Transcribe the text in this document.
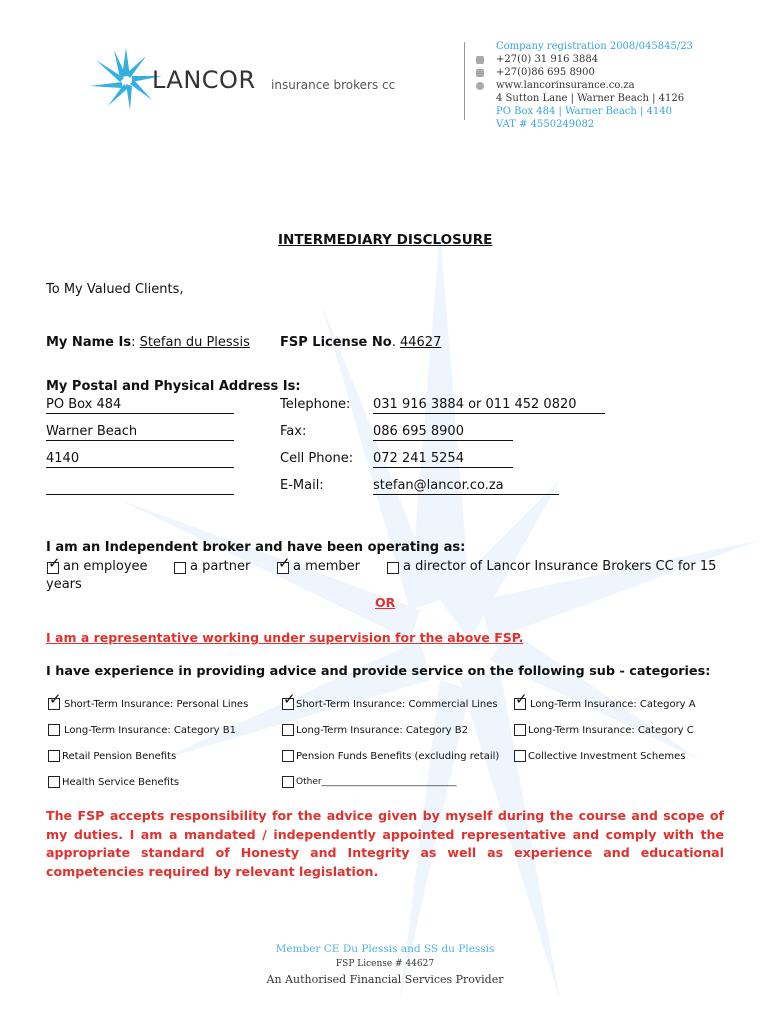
LANCOR insurance brokers cc
Company registration 2008/045845/23
+27(0) 31 916 3884
+27(0)86 695 8900
www.lancorinsurance.co.za
4 Sutton Lane | Warner Beach | 4126
PO Box 484 | Warner Beach | 4140
VAT # 4550249082
INTERMEDIARY DISCLOSURE
To My Valued Clients,
My Name Is: Stefan du Plessis FSP License No. 44627
My Postal and Physical Address Is:
PO Box 484
Warner Beach
4140
Telephone: 031 916 3884 or 011 452 0820
Fax:	086 695 8900
Cell Phone: 072 241 5254
E-Mail:	stefan@lancor.co.za
I am an Independent broker and have been operating as:
✓ an employee	a partner ✓ a member	a director of Lancor Insurance Brokers CC for 15
years
OR
I am a representative working under supervision for the above FSP.
I have experience in providing advice and provide service on the following sub - categories:
✓ Short-Term Insurance: Personal Lines ✓ Short-Term Insurance: Commercial Lines ✓ Long-Term Insurance: Category A
Long-Term Insurance: Category B1	Long-Term Insurance: Category B2	Long-Term Insurance: Category C
Retail Pension Benefits	Pension Funds Benefits (excluding retail)	Collective Investment Schemes
Health Service Benefits	Other______________________________
The FSP accepts responsibility for the advice given by myself during the course and scope of my duties. I am a mandated / independently appointed representative and comply with the appropriate standard of Honesty and Integrity as well as experience and educational competencies required by relevant legislation.
Member CE Du Plessis and SS du Plessis
FSP License # 44627
An Authorised Financial Services Provider
